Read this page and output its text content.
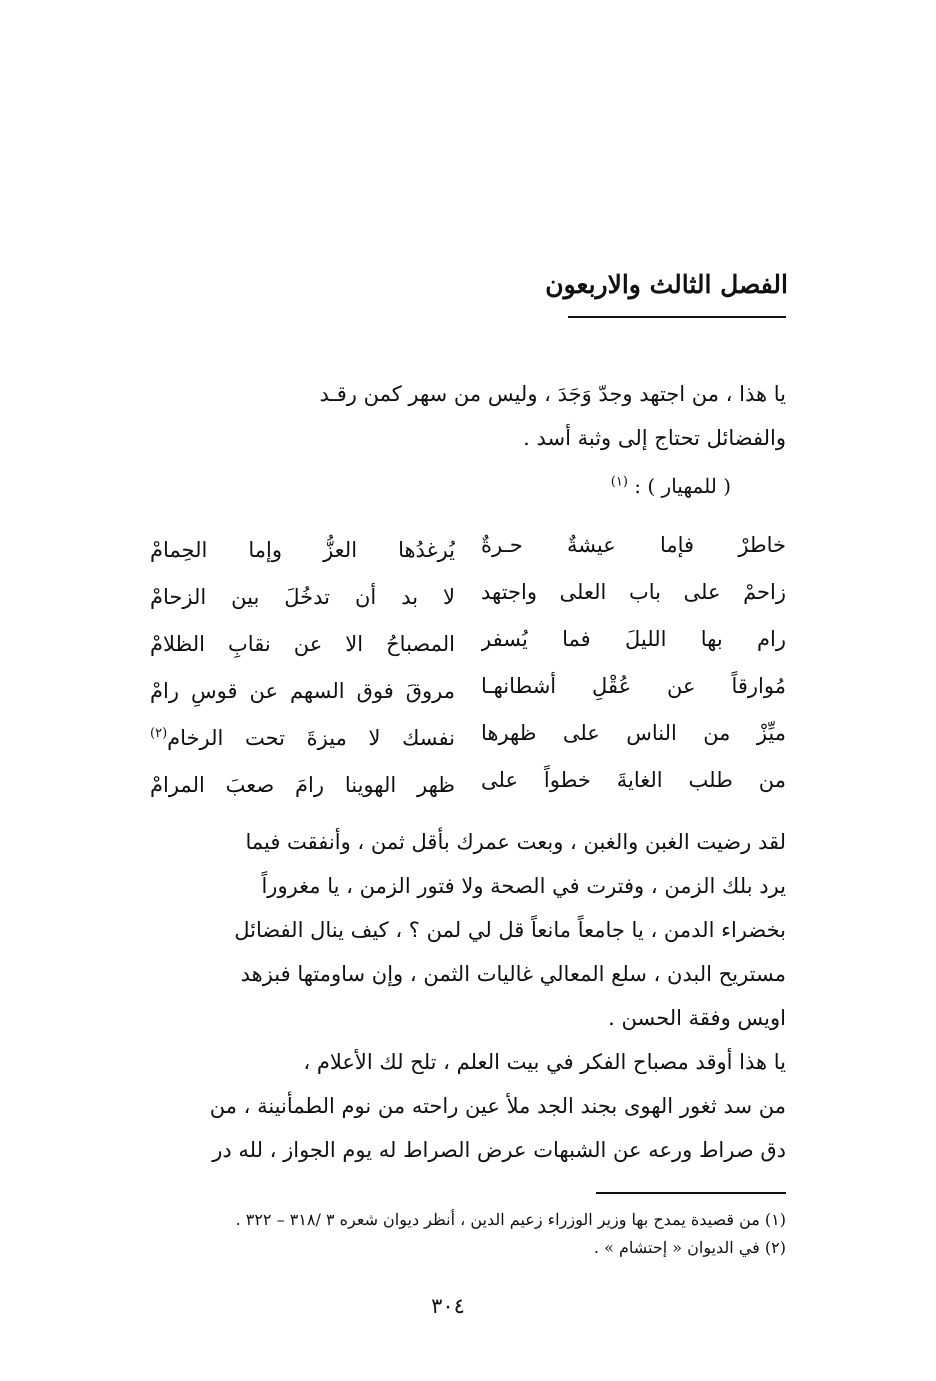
الفصل الثالث والاربعون

يا هذا ، من اجتهد وجدّ وَجَدَ ، وليس من سهر كمن رقـد
والفضائل تحتاج إلى وثبة أسد .

( للمهيار ) : $^{(١)}$
خاطرْ فإما عيشةٌ حـرةٌ
يُرغدُها العزُّ وإما الحِمامْ
زاحمْ على باب العلى واجتهد
لا بد أن تدخُلَ بين الزحامْ
رام بها الليلَ فما يُسفر
المصباحُ الا عن نقابِ الظلامْ
مُوارقاً عن عُقْلِ أشطانهـا
مروقَ فوق السهم عن قوسِ رامْ
ميِّزْ من الناس على ظهرها
نفسك لا ميزةَ تحت الرخام$^{(٢)}$
من طلب الغايةَ خطواً على
ظهر الهوينا رامَ صعبَ المرامْ

لقد رضيت الغبن والغبن ، وبعت عمرك بأقل ثمن ، وأنفقت فيما
يرد بلك الزمن ، وفترت في الصحة ولا فتور الزمن ، يا مغروراً
بخضراء الدمن ، يا جامعاً مانعاً قل لي لمن ؟ ، كيف ينال الفضائل
مستريح البدن ، سلع المعالي غاليات الثمن ، وإن ساومتها فبزهد
اويس وفقة الحسن .

يا هذا أوقد مصباح الفكر في بيت العلم ، تلح لك الأعلام ،
من سد ثغور الهوى بجند الجد ملأ عين راحته من نوم الطمأنينة ، من
دق صراط ورعه عن الشبهات عرض الصراط له يوم الجواز ، لله در

(١) من قصيدة يمدح بها وزير الوزراء زعيم الدين ، أنظر ديوان شعره ٣ /٣١٨ – ٣٢٢ .
(٢) في الديوان « إحتشام » .
٣٠٤
